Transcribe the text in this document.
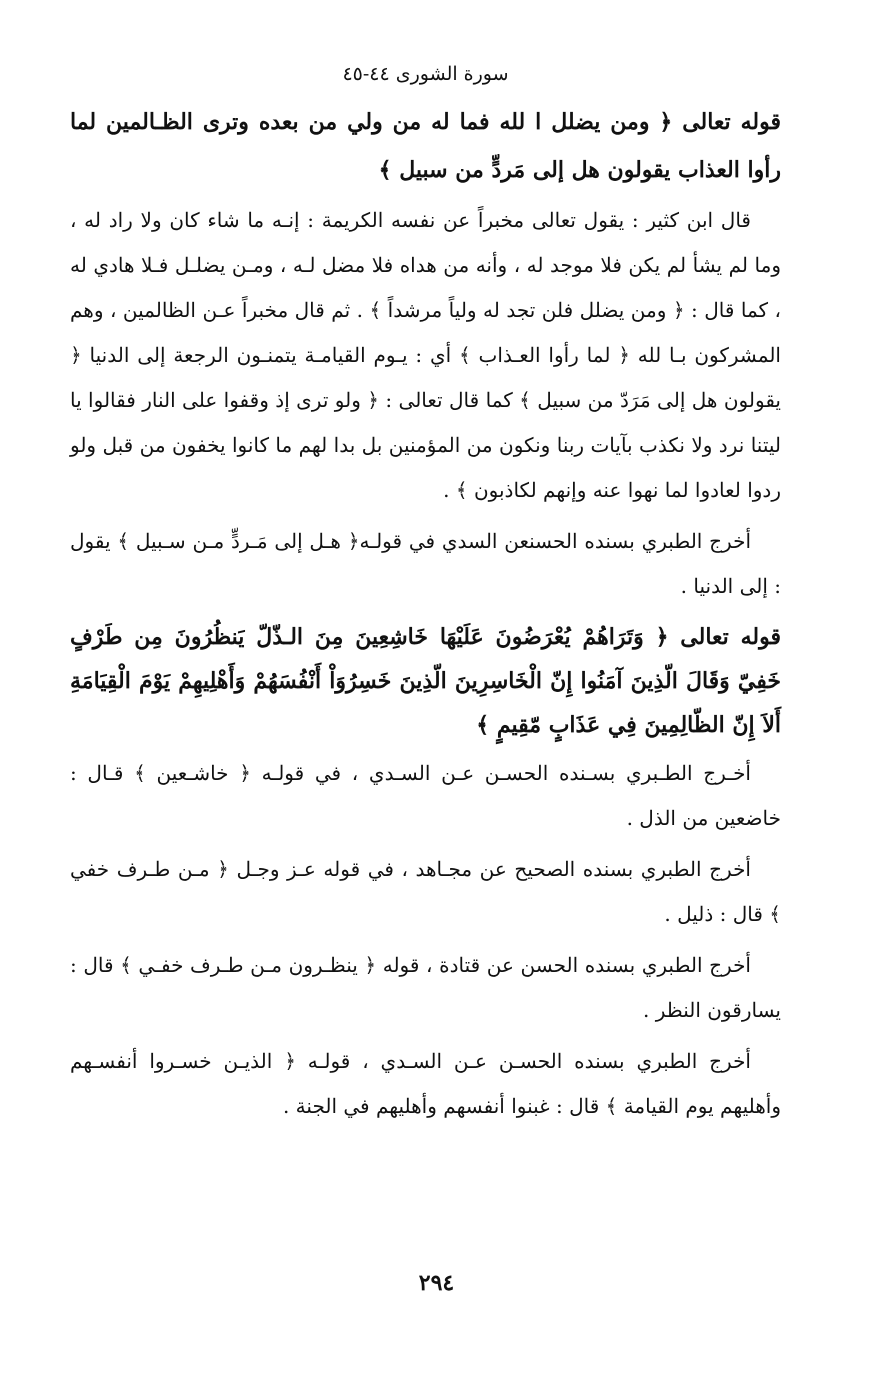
سورة الشورى ٤٤-٤٥

قوله تعالى ﴿ ومن يضلل ا لله فما له من ولي من بعده وترى الظـالمين لما رأوا العذاب يقولون هل إلى مَردٍّ من سبيل ﴾

قال ابن كثير : يقول تعالى مخبراً عن نفسه الكريمة : إنـه ما شاء كان ولا راد له ، وما لم يشأ لم يكن فلا موجد له ، وأنه من هداه فلا مضل لـه ، ومـن يضلـل فـلا هادي له ، كما قال : ﴿ ومن يضلل فلن تجد له ولياً مرشداً ﴾ . ثم قال مخبراً عـن الظالمين ، وهم المشركون بـا لله ﴿ لما رأوا العـذاب ﴾ أي : يـوم القيامـة يتمنـون الرجعة إلى الدنيا ﴿ يقولون هل إلى مَرَدّ من سبيل ﴾ كما قال تعالى : ﴿ ولو ترى إذ وقفوا على النار فقالوا يا ليتنا نرد ولا نكذب بآيات ربنا ونكون من المؤمنين بل بدا لهم ما كانوا يخفون من قبل ولو ردوا لعادوا لما نهوا عنه وإنهم لكاذبون ﴾ .

أخرج الطبري بسنده الحسنعن السدي في قولـه﴿ هـل إلى مَـردٍّ مـن سـبيل ﴾ يقول : إلى الدنيا .

قوله تعالى ﴿ وَتَرَاهُمْ يُعْرَضُونَ عَلَيْهَا خَاشِعِينَ مِنَ الـذّلّ يَنظُرُونَ مِن طَرْفٍ خَفِيّ وَقَالَ الّذِينَ آمَنُوا إِنّ الْخَاسِرِينَ الّذِينَ خَسِرُوَاْ أَنْفُسَهُمْ وَأَهْلِيهِمْ يَوْمَ الْقِيَامَةِ أَلاَ إِنّ الظّالِمِينَ فِي عَذَابٍ مّقِيمٍ ﴾

أخـرج الطـبري بسـنده الحسـن عـن السـدي ، في قولـه ﴿ خاشـعين ﴾ قـال : خاضعين من الذل .

أخرج الطبري بسنده الصحيح عن مجـاهد ، في قوله عـز وجـل ﴿ مـن طـرف خفي ﴾ قال : ذليل .

أخرج الطبري بسنده الحسن عن قتادة ، قوله ﴿ ينظـرون مـن طـرف خفـي ﴾ قال : يسارقون النظر .

أخرج الطبري بسنده الحسـن عـن السـدي ، قولـه ﴿ الذيـن خسـروا أنفسـهم وأهليهم يوم القيامة ﴾ قال : غبنوا أنفسهم وأهليهم في الجنة .

٢٩٤
